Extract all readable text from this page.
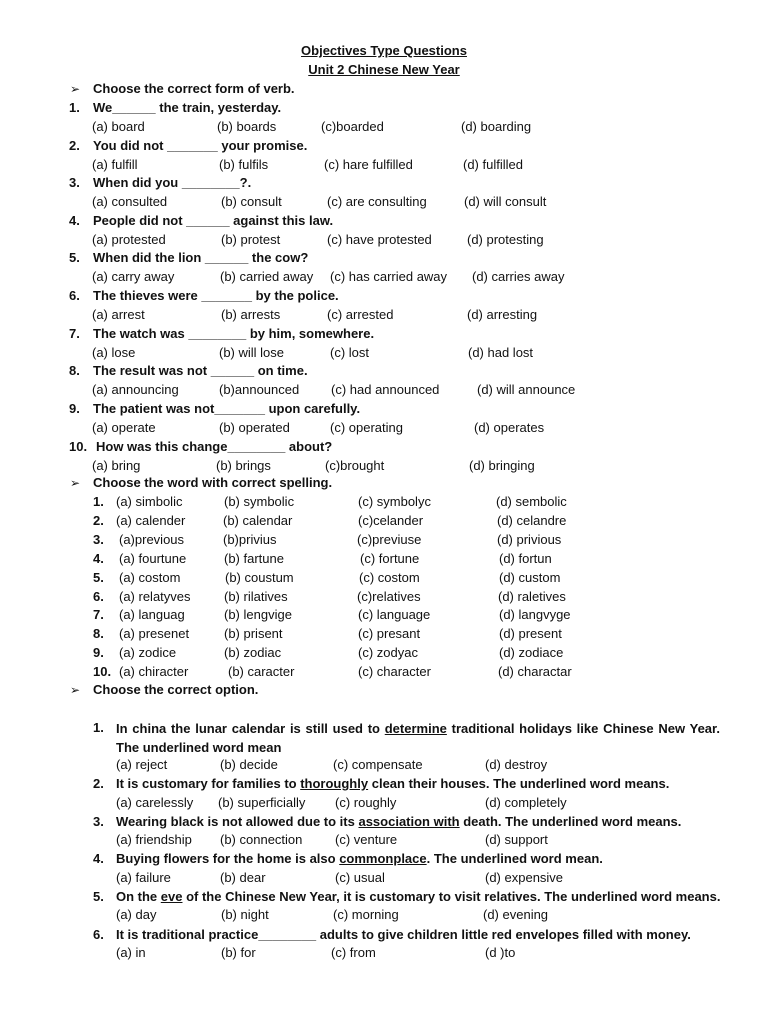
Objectives Type Questions
Unit 2 Chinese New Year
➢ Choose the correct form of verb.
1. We______ the train, yesterday.
(a) board	(b) boards	(c)boarded	(d) boarding
2. You did not _______ your promise.
(a) fulfill	(b) fulfils	(c) hare fulfilled	(d) fulfilled
3. When did you ________?.
(a) consulted	(b) consult	(c) are consulting	(d) will consult
4. People did not ______ against this law.
(a) protested	(b) protest	(c) have protested	(d) protesting
5. When did the lion ______ the cow?
(a) carry away	(b) carried away (c) has carried away (d) carries away
6. The thieves were _______ by the police.
(a) arrest	(b) arrests	(c) arrested	(d) arresting
7. The watch was ________ by him, somewhere.
(a) lose	(b) will lose	(c) lost	(d) had lost
8. The result was not ______ on time.
(a) announcing	(b)announced (c) had announced	(d) will announce
9. The patient was not_______ upon carefully.
(a) operate	(b) operated	(c) operating	(d) operates
10. How was this change________ about?
(a) bring	(b) brings	(c)brought	(d) bringing
➢ Choose the word with correct spelling.
1. (a) simbolic	(b) symbolic	(c) symbolyc	(d) sembolic
2. (a) calender	(b) calendar	(c)celander	(d) celandre
3. (a)previous	(b)privius	(c)previuse	(d) privious
4. (a) fourtune	(b) fartune	(c) fortune	(d) fortun
5. (a) costom	(b) coustum	(c) costom	(d) custom
6. (a) relatyves	(b) rilatives	(c)relatives	(d) raletives
7. (a) languag	(b) lengvige	(c) language	(d) langvyge
8. (a) presenet	(b) prisent	(c) presant	(d) present
9. (a) zodice	(b) zodiac	(c) zodyac	(d) zodiace
10. (a) chiracter	(b) caracter	(c) character	(d) charactar
➢ Choose the correct option.
1. In china the lunar calendar is still used to determine traditional holidays like Chinese New Year. The underlined word mean
(a) reject	(b) decide	(c) compensate	(d) destroy
2. It is customary for families to thoroughly clean their houses. The underlined word means.
(a) carelessly (b) superficially (c) roughly	(d) completely
3. Wearing black is not allowed due to its association with death. The underlined word means.
(a) friendship (b) connection	(c) venture	(d) support
4. Buying flowers for the home is also commonplace. The underlined word mean.
(a) failure	(b) dear	(c) usual	(d) expensive
5. On the eve of the Chinese New Year, it is customary to visit relatives. The underlined word means.
(a) day	(b) night	(c) morning	(d) evening
6. It is traditional practice________ adults to give children little red envelopes filled with money.
(a) in	(b) for	(c) from	(d )to
